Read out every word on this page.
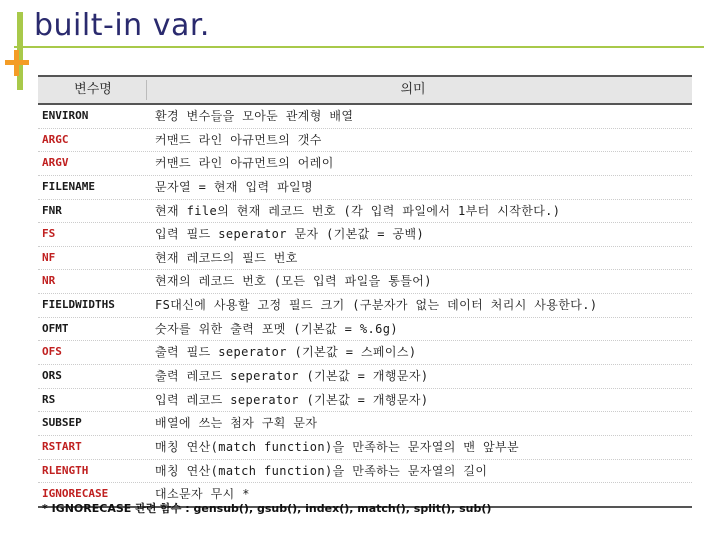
built-in var.
변수명	의미
ENVIRON	환경 변수들을 모아둔 관계형 배열
ARGC	커맨드 라인 아규먼트의 갯수
ARGV	커맨드 라인 아규먼트의 어레이
FILENAME	문자열 = 현재 입력 파일명
FNR	현재 file의 현재 레코드 번호 (각 입력 파일에서 1부터 시작한다.)
FS	입력 필드 seperator 문자 (기본값 = 공백)
NF	현재 레코드의 필드 번호
NR	현재의 레코드 번호 (모든 입력 파일을 통틀어)
FIELDWIDTHS	FS대신에 사용할 고정 필드 크기 (구분자가 없는 데이터 처리시 사용한다.)
OFMT	숫자를 위한 출력 포멧 (기본값 = %.6g)
OFS	출력 필드 seperator (기본값 = 스페이스)
ORS	출력 레코드 seperator (기본값 = 개행문자)
RS	입력 레코드 seperator (기본값 = 개행문자)
SUBSEP	배열에 쓰는 첨자 구획 문자
RSTART	매칭 연산(match function)을 만족하는 문자열의 맨 앞부분
RLENGTH	매칭 연산(match function)을 만족하는 문자열의 길이
IGNORECASE	대소문자 무시 *
* IGNORECASE 관련 함수 : gensub(), gsub(), index(), match(), split(), sub()
